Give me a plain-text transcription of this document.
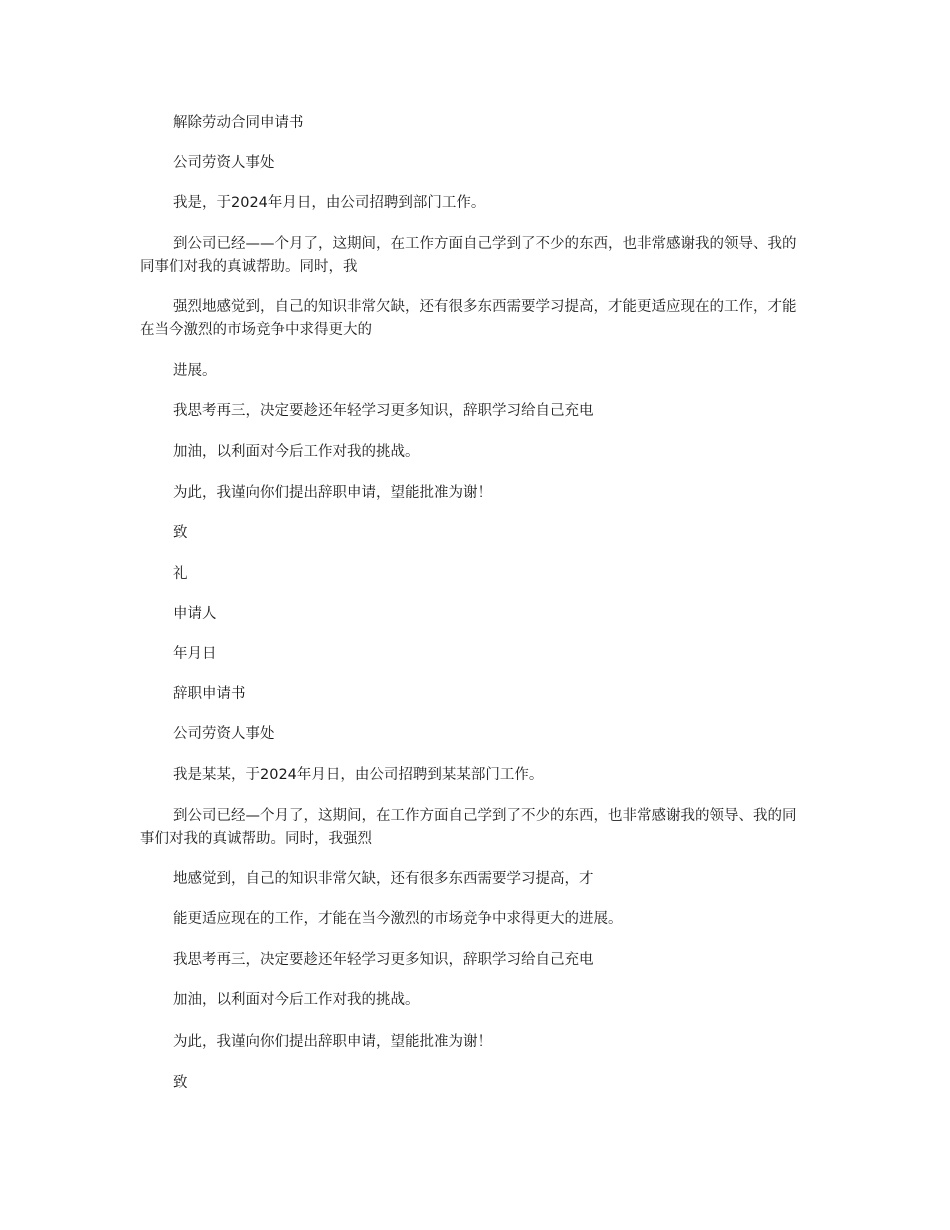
解除劳动合同申请书

公司劳资人事处

我是，于2024年月日，由公司招聘到部门工作。

到公司已经——个月了，这期间，在工作方面自己学到了不少的东西，也非常感谢我的领导、我的同事们对我的真诚帮助。同时，我

强烈地感觉到，自己的知识非常欠缺，还有很多东西需要学习提高，才能更适应现在的工作，才能在当今激烈的市场竞争中求得更大的

进展。

我思考再三，决定要趁还年轻学习更多知识，辞职学习给自己充电

加油，以利面对今后工作对我的挑战。

为此，我谨向你们提出辞职申请，望能批准为谢！

致

礼

申请人

年月日

辞职申请书

公司劳资人事处

我是某某，于2024年月日，由公司招聘到某某部门工作。

到公司已经—个月了，这期间，在工作方面自己学到了不少的东西，也非常感谢我的领导、我的同事们对我的真诚帮助。同时，我强烈

地感觉到，自己的知识非常欠缺，还有很多东西需要学习提高，才

能更适应现在的工作，才能在当今激烈的市场竞争中求得更大的进展。

我思考再三，决定要趁还年轻学习更多知识，辞职学习给自己充电

加油，以利面对今后工作对我的挑战。

为此，我谨向你们提出辞职申请，望能批准为谢！

致
